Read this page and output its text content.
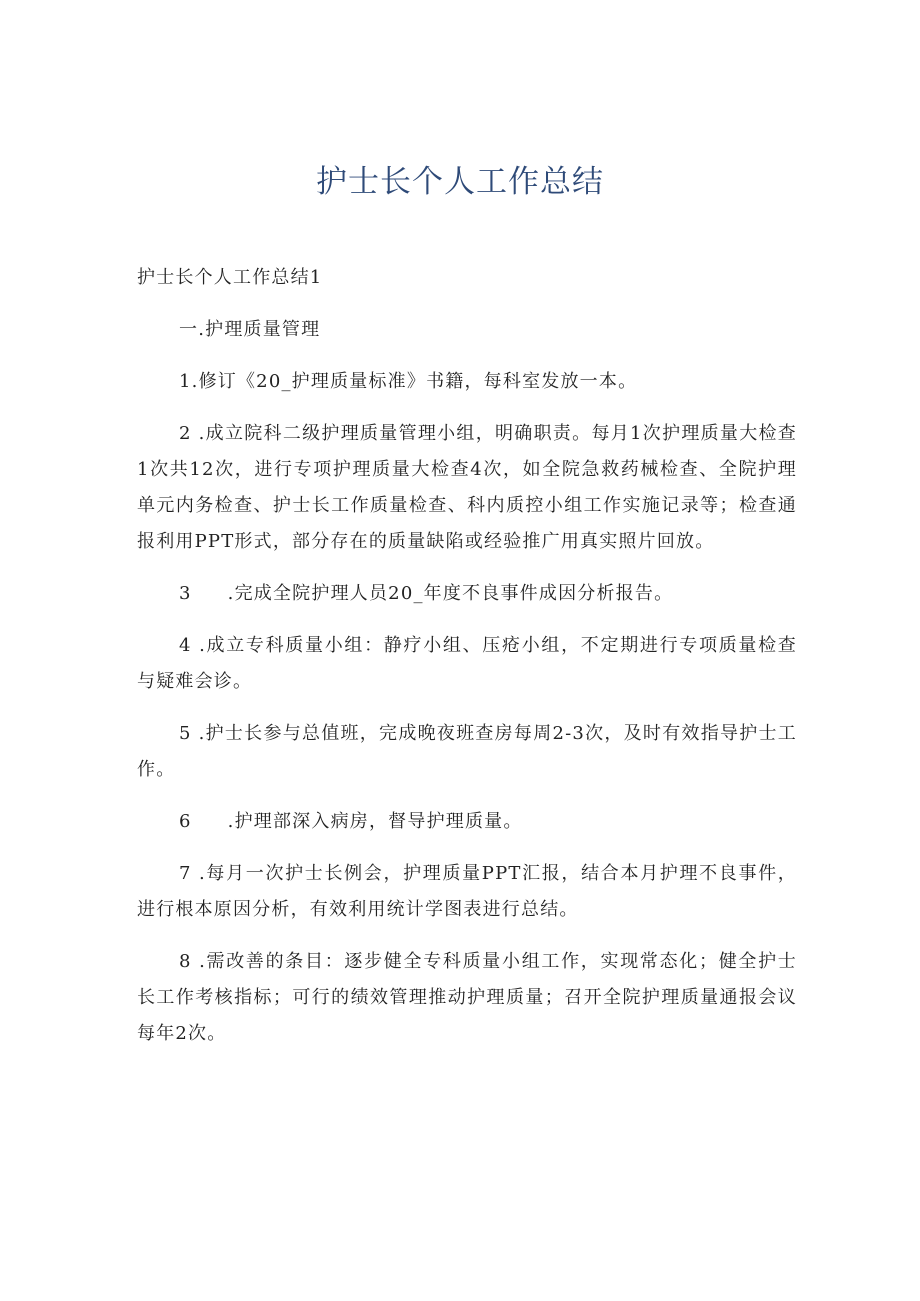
护士长个人工作总结

护士长个人工作总结1

一.护理质量管理

1.修订《20_护理质量标准》书籍，每科室发放一本。

2 .成立院科二级护理质量管理小组，明确职责。每月1次护理质量大检查1次共12次，进行专项护理质量大检查4次，如全院急救药械检查、全院护理单元内务检查、护士长工作质量检查、科内质控小组工作实施记录等；检查通报利用PPT形式，部分存在的质量缺陷或经验推广用真实照片回放。

3 .完成全院护理人员20_年度不良事件成因分析报告。

4 .成立专科质量小组：静疗小组、压疮小组，不定期进行专项质量检查与疑难会诊。

5 .护士长参与总值班，完成晚夜班查房每周2-3次，及时有效指导护士工作。

6 .护理部深入病房，督导护理质量。

7 .每月一次护士长例会，护理质量PPT汇报，结合本月护理不良事件，进行根本原因分析，有效利用统计学图表进行总结。

8 .需改善的条目：逐步健全专科质量小组工作，实现常态化；健全护士长工作考核指标；可行的绩效管理推动护理质量；召开全院护理质量通报会议每年2次。
